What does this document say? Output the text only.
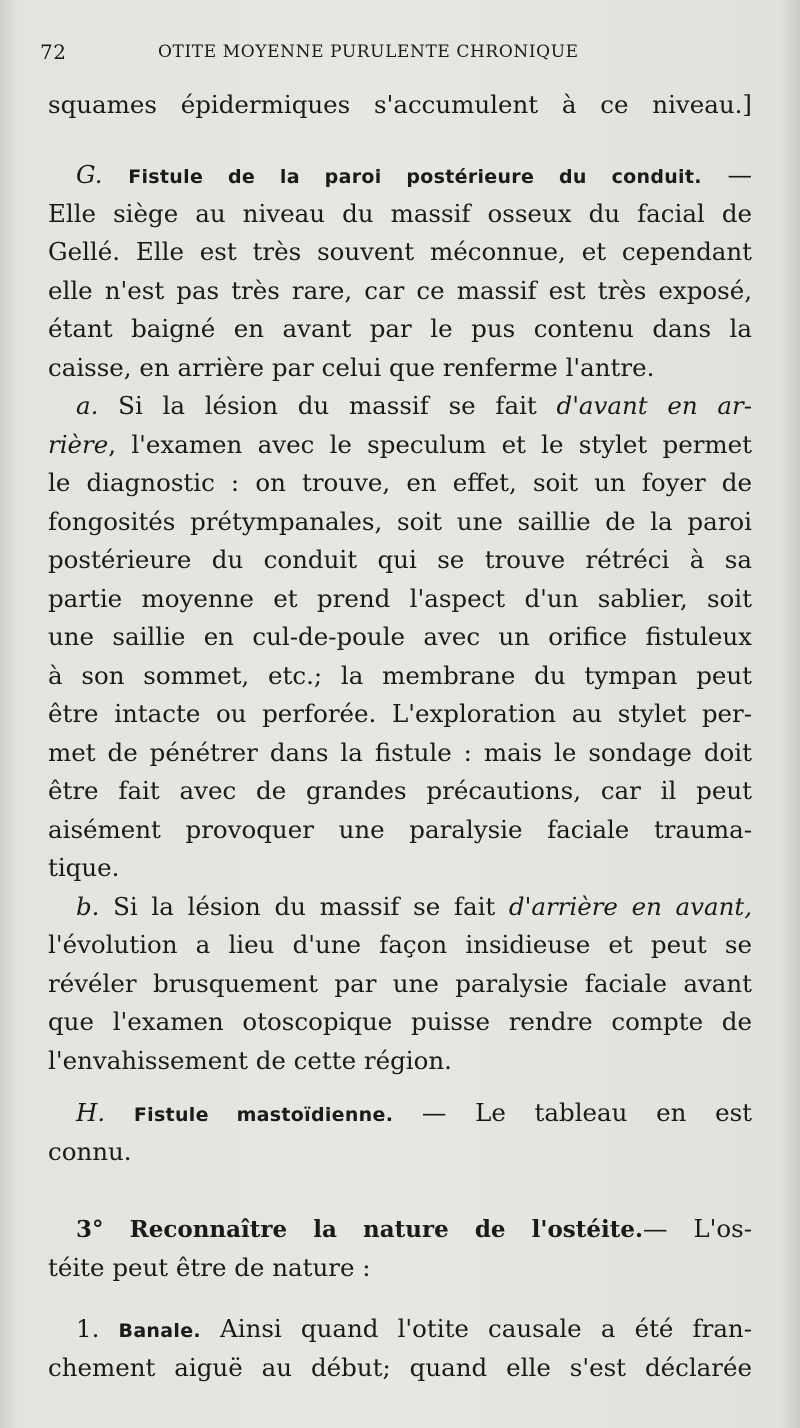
72	OTITE MOYENNE PURULENTE CHRONIQUE
squames épidermiques s'accumulent à ce niveau.]
G. Fistule de la paroi postérieure du conduit. —
Elle siège au niveau du massif osseux du facial de
Gellé. Elle est très souvent méconnue, et cependant
elle n'est pas très rare, car ce massif est très exposé,
étant baigné en avant par le pus contenu dans la
caisse, en arrière par celui que renferme l'antre.
a. Si la lésion du massif se fait d'avant en ar-
rière, l'examen avec le speculum et le stylet permet
le diagnostic : on trouve, en effet, soit un foyer de
fongosités prétympanales, soit une saillie de la paroi
postérieure du conduit qui se trouve rétréci à sa
partie moyenne et prend l'aspect d'un sablier, soit
une saillie en cul-de-poule avec un orifice fistuleux
à son sommet, etc.; la membrane du tympan peut
être intacte ou perforée. L'exploration au stylet per-
met de pénétrer dans la fistule : mais le sondage doit
être fait avec de grandes précautions, car il peut
aisément provoquer une paralysie faciale trauma-
tique.
b. Si la lésion du massif se fait d'arrière en avant,
l'évolution a lieu d'une façon insidieuse et peut se
révéler brusquement par une paralysie faciale avant
que l'examen otoscopique puisse rendre compte de
l'envahissement de cette région.
H. Fistule mastoïdienne. — Le tableau en est
connu.
3° Reconnaître la nature de l'ostéite.— L'os-
téite peut être de nature :
1. Banale. Ainsi quand l'otite causale a été fran-
chement aiguë au début; quand elle s'est déclarée
